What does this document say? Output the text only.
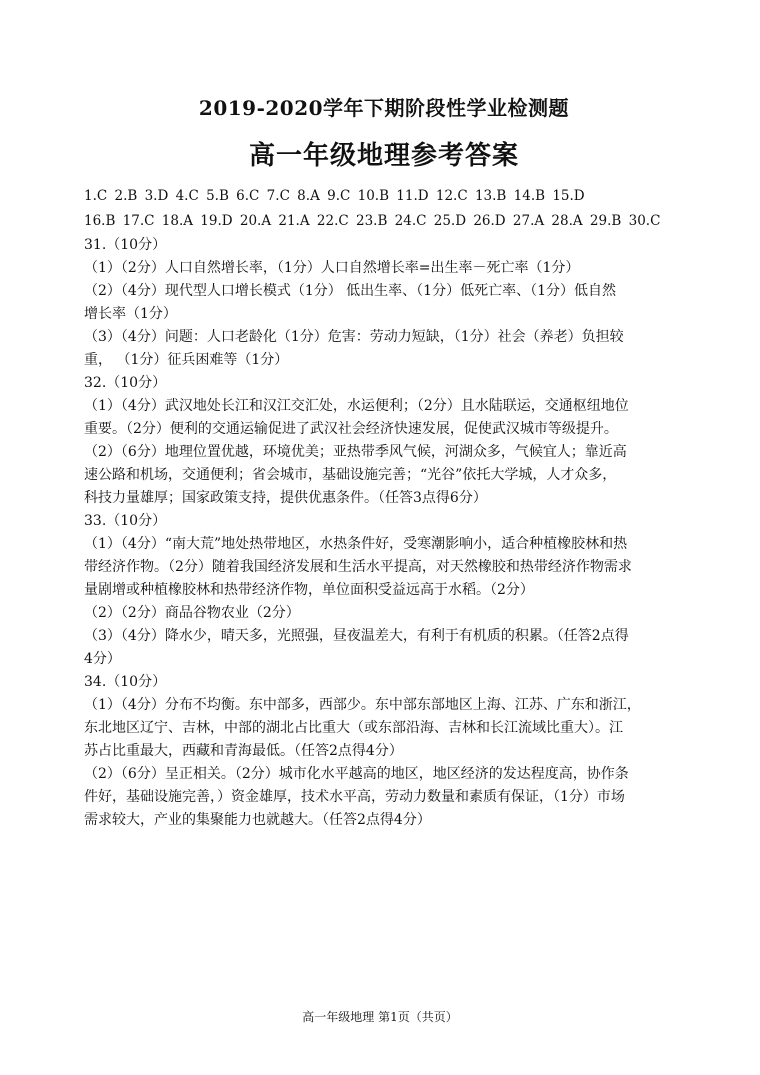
2019-2020学年下期阶段性学业检测题
高一年级地理参考答案
1.C 2.B 3.D 4.C 5.B 6.C 7.C 8.A 9.C 10.B 11.D 12.C 13.B 14.B 15.D
16.B 17.C 18.A 19.D 20.A 21.A 22.C 23.B 24.C 25.D 26.D 27.A 28.A 29.B 30.C
31.（10分）
（1）（2分）人口自然增长率，（1分）人口自然增长率=出生率－死亡率（1分）
（2）（4分）现代型人口增长模式（1分） 低出生率、（1分）低死亡率、（1分）低自然
增长率（1分）
（3）（4分）问题：人口老龄化（1分）危害：劳动力短缺，（1分）社会（养老）负担较
重， （1分）征兵困难等（1分）
32.（10分）
（1）（4分）武汉地处长江和汉江交汇处，水运便利；（2分）且水陆联运，交通枢纽地位
重要。（2分）便利的交通运输促进了武汉社会经济快速发展，促使武汉城市等级提升。
（2）（6分）地理位置优越，环境优美；亚热带季风气候，河湖众多，气候宜人；靠近高
速公路和机场，交通便利；省会城市，基础设施完善；“光谷”依托大学城，人才众多，
科技力量雄厚；国家政策支持，提供优惠条件。（任答3点得6分）
33.（10分）
（1）（4分）“南大荒”地处热带地区，水热条件好，受寒潮影响小，适合种植橡胶林和热
带经济作物。（2分）随着我国经济发展和生活水平提高，对天然橡胶和热带经济作物需求
量剧增或种植橡胶林和热带经济作物，单位面积受益远高于水稻。（2分）
（2）（2分）商品谷物农业（2分）
（3）（4分）降水少，晴天多，光照强，昼夜温差大，有利于有机质的积累。（任答2点得
4分）
34.（10分）
（1）（4分）分布不均衡。东中部多，西部少。东中部东部地区上海、江苏、广东和浙江，
东北地区辽宁、吉林，中部的湖北占比重大（或东部沿海、吉林和长江流域比重大）。江
苏占比重最大，西藏和青海最低。（任答2点得4分）
（2）（6分）呈正相关。（2分）城市化水平越高的地区，地区经济的发达程度高，协作条
件好，基础设施完善，）资金雄厚，技术水平高，劳动力数量和素质有保证，（1分）市场
需求较大，产业的集聚能力也就越大。（任答2点得4分）
高一年级地理 第1页（共页）
